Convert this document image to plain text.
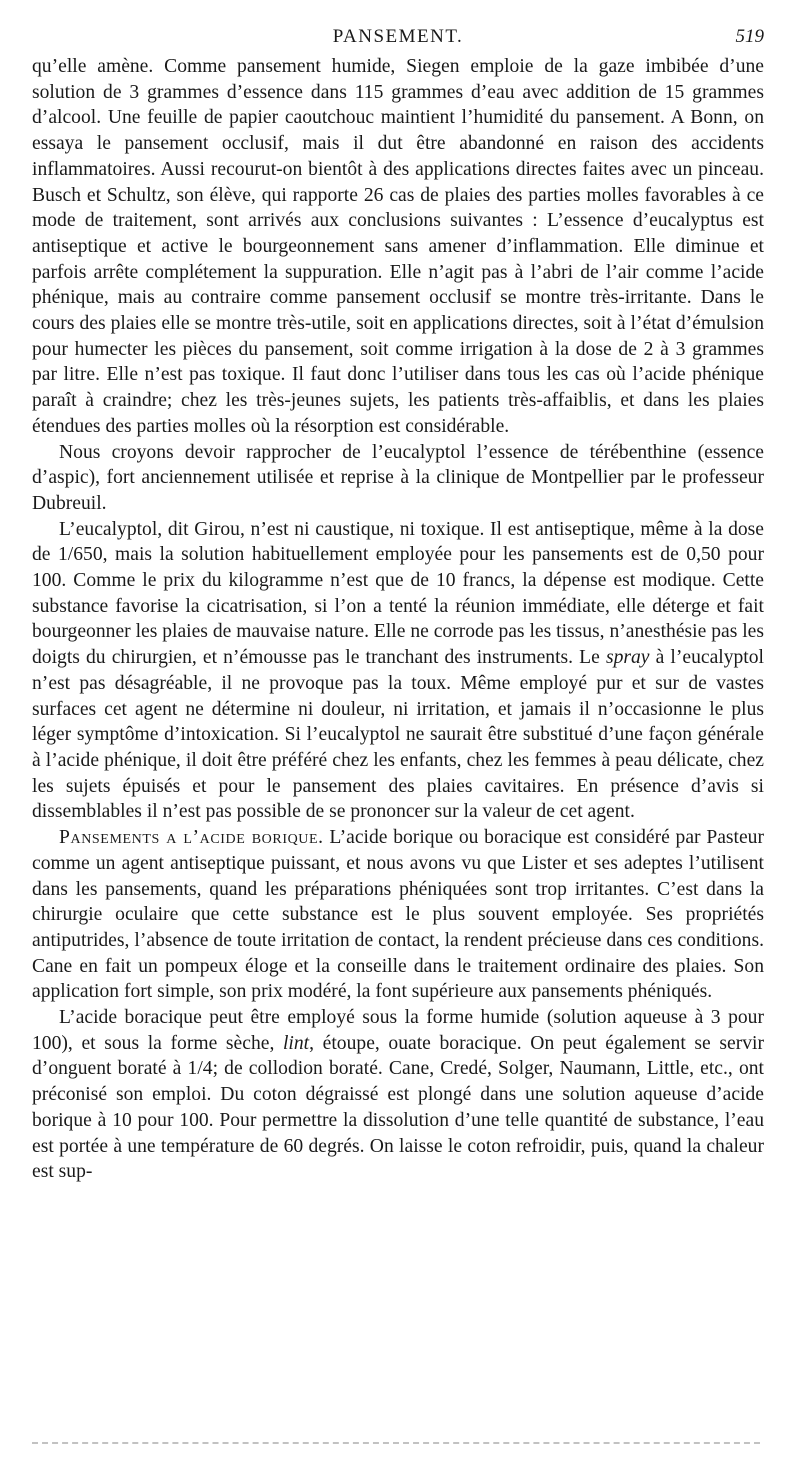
PANSEMENT.	519

qu’elle amène. Comme pansement humide, Siegen emploie de la gaze imbibée d’une solution de 3 grammes d’essence dans 115 grammes d’eau avec addition de 15 grammes d’alcool. Une feuille de papier caoutchouc maintient l’humidité du pansement. A Bonn, on essaya le pansement occlusif, mais il dut être abandonné en raison des accidents inflammatoires. Aussi recourut-on bientôt à des applications directes faites avec un pinceau. Busch et Schultz, son élève, qui rapporte 26 cas de plaies des parties molles favorables à ce mode de traitement, sont arrivés aux conclusions suivantes : L’essence d’eucalyptus est antiseptique et active le bourgeonnement sans amener d’inflammation. Elle diminue et parfois arrête complétement la suppuration. Elle n’agit pas à l’abri de l’air comme l’acide phénique, mais au contraire comme pansement occlusif se montre très-irritante. Dans le cours des plaies elle se montre très-utile, soit en applications directes, soit à l’état d’émulsion pour humecter les pièces du pansement, soit comme irrigation à la dose de 2 à 3 grammes par litre. Elle n’est pas toxique. Il faut donc l’utiliser dans tous les cas où l’acide phénique paraît à craindre; chez les très-jeunes sujets, les patients très-affaiblis, et dans les plaies étendues des parties molles où la résorption est considérable.

Nous croyons devoir rapprocher de l’eucalyptol l’essence de térébenthine (essence d’aspic), fort anciennement utilisée et reprise à la clinique de Montpellier par le professeur Dubreuil.

L’eucalyptol, dit Girou, n’est ni caustique, ni toxique. Il est antiseptique, même à la dose de 1/650, mais la solution habituellement employée pour les pansements est de 0,50 pour 100. Comme le prix du kilogramme n’est que de 10 francs, la dépense est modique. Cette substance favorise la cicatrisation, si l’on a tenté la réunion immédiate, elle déterge et fait bourgeonner les plaies de mauvaise nature. Elle ne corrode pas les tissus, n’anesthésie pas les doigts du chirurgien, et n’émousse pas le tranchant des instruments. Le spray à l’eucalyptol n’est pas désagréable, il ne provoque pas la toux. Même employé pur et sur de vastes surfaces cet agent ne détermine ni douleur, ni irritation, et jamais il n’occasionne le plus léger symptôme d’intoxication. Si l’eucalyptol ne saurait être substitué d’une façon générale à l’acide phénique, il doit être préféré chez les enfants, chez les femmes à peau délicate, chez les sujets épuisés et pour le pansement des plaies cavitaires. En présence d’avis si dissemblables il n’est pas possible de se prononcer sur la valeur de cet agent.

Pansements a l’acide borique. L’acide borique ou boracique est considéré par Pasteur comme un agent antiseptique puissant, et nous avons vu que Lister et ses adeptes l’utilisent dans les pansements, quand les préparations phéniquées sont trop irritantes. C’est dans la chirurgie oculaire que cette substance est le plus souvent employée. Ses propriétés antiputrides, l’absence de toute irritation de contact, la rendent précieuse dans ces conditions. Cane en fait un pompeux éloge et la conseille dans le traitement ordinaire des plaies. Son application fort simple, son prix modéré, la font supérieure aux pansements phéniqués.

L’acide boracique peut être employé sous la forme humide (solution aqueuse à 3 pour 100), et sous la forme sèche, lint, étoupe, ouate boracique. On peut également se servir d’onguent boraté à 1/4; de collodion boraté. Cane, Credé, Solger, Naumann, Little, etc., ont préconisé son emploi. Du coton dégraissé est plongé dans une solution aqueuse d’acide borique à 10 pour 100. Pour permettre la dissolution d’une telle quantité de substance, l’eau est portée à une température de 60 degrés. On laisse le coton refroidir, puis, quand la chaleur est sup-
